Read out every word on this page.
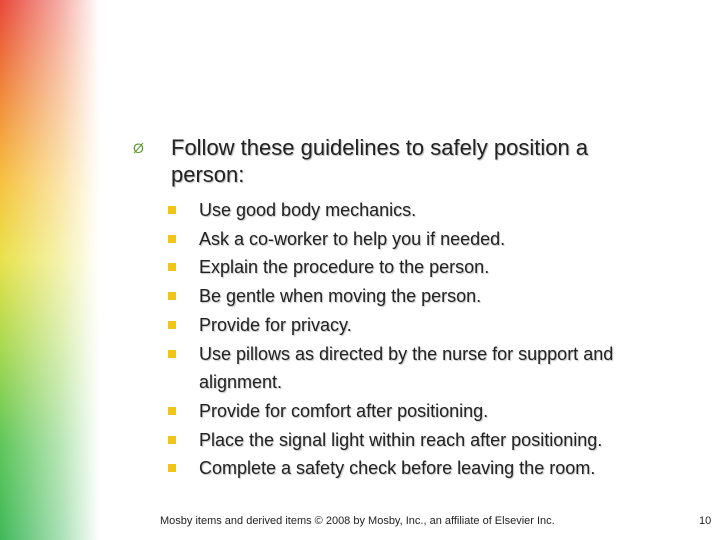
Ø Follow these guidelines to safely position a person:
Use good body mechanics.
Ask a co-worker to help you if needed.
Explain the procedure to the person.
Be gentle when moving the person.
Provide for privacy.
Use pillows as directed by the nurse for support and alignment.
Provide for comfort after positioning.
Place the signal light within reach after positioning.
Complete a safety check before leaving the room.
Mosby items and derived items © 2008 by Mosby, Inc., an affiliate of Elsevier Inc.	10
